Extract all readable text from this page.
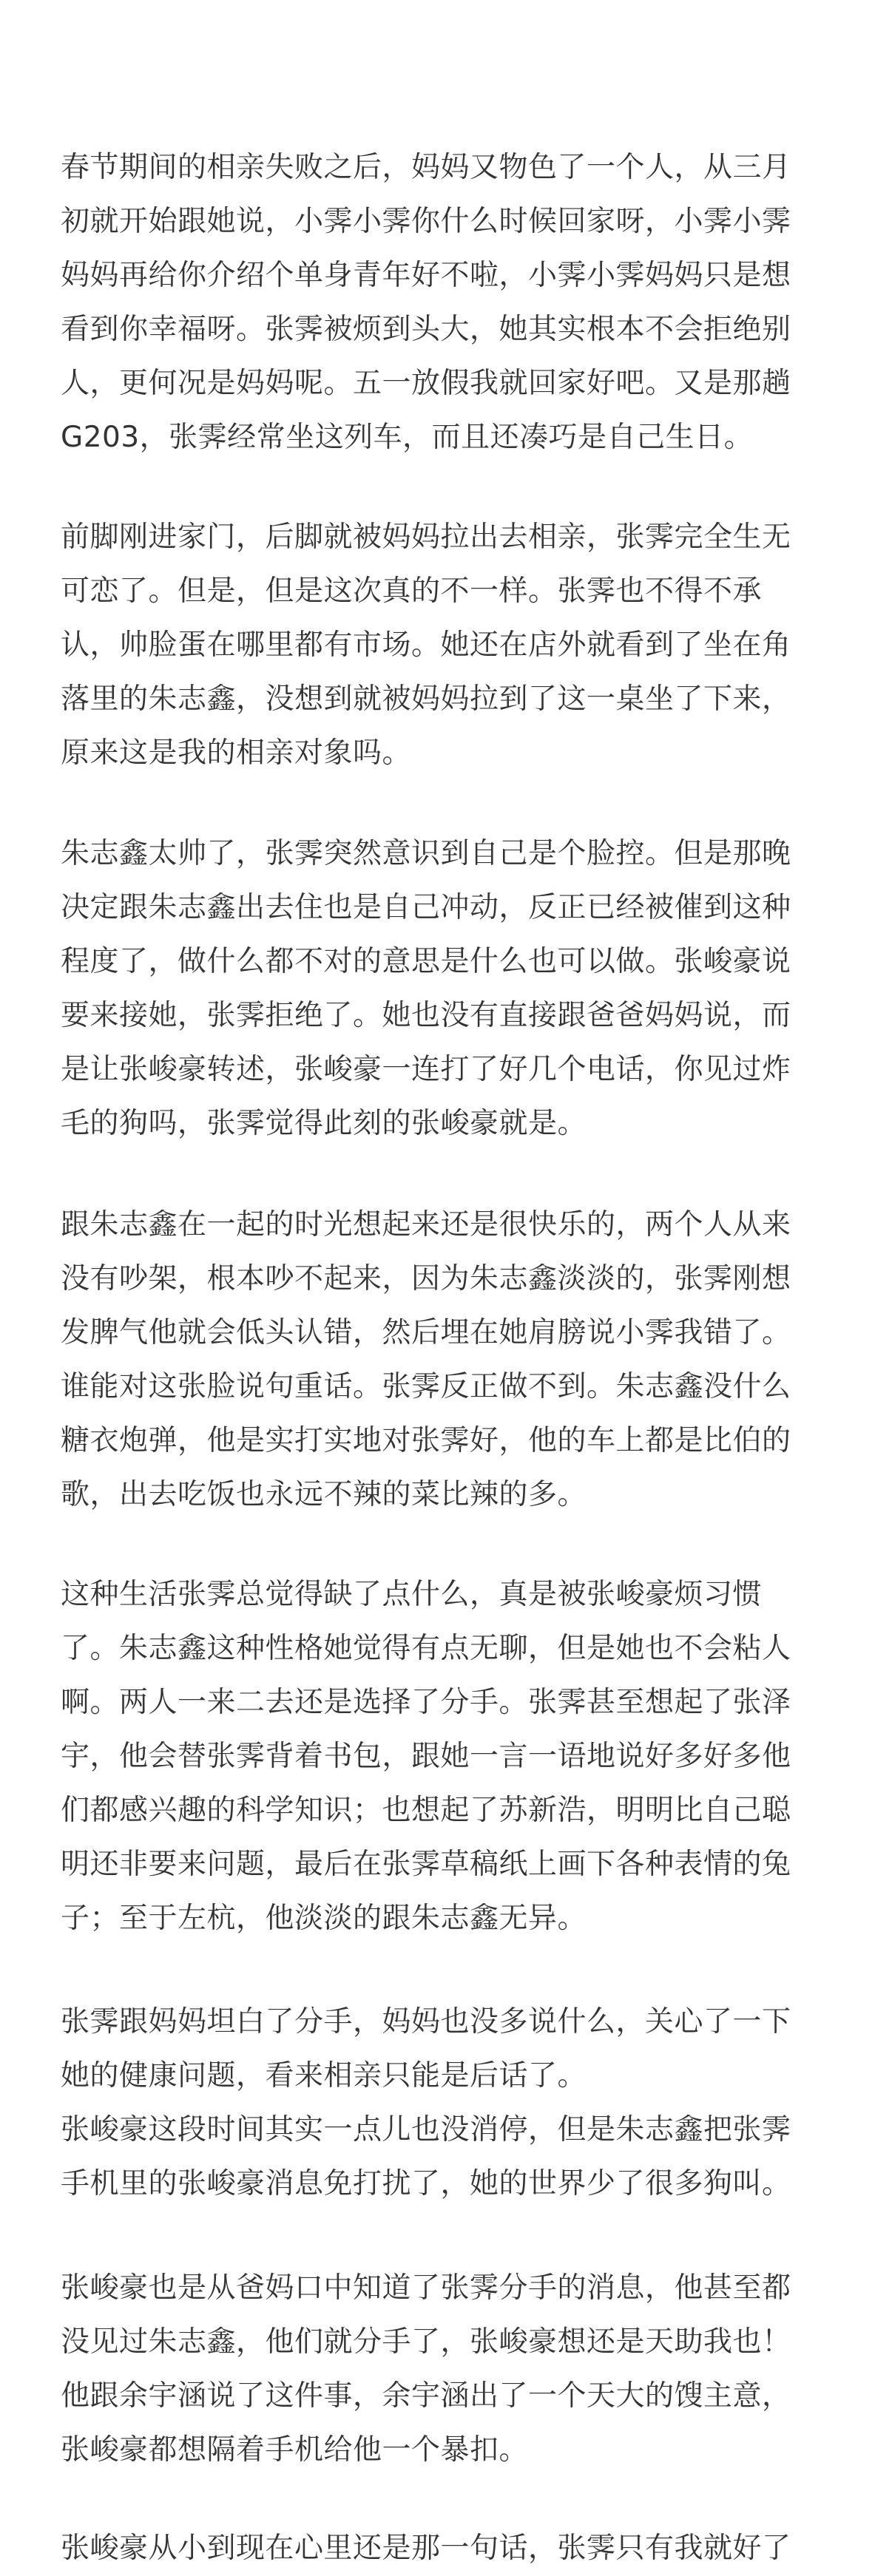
春节期间的相亲失败之后，妈妈又物色了一个人，从三月

初就开始跟她说，小霁小霁你什么时候回家呀，小霁小霁

妈妈再给你介绍个单身青年好不啦，小霁小霁妈妈只是想

看到你幸福呀。张霁被烦到头大，她其实根本不会拒绝别

人，更何况是妈妈呢。五一放假我就回家好吧。又是那趟

G203，张霁经常坐这列车，而且还凑巧是自己生日。

前脚刚进家门，后脚就被妈妈拉出去相亲，张霁完全生无

可恋了。但是，但是这次真的不一样。张霁也不得不承

认，帅脸蛋在哪里都有市场。她还在店外就看到了坐在角

落里的朱志鑫，没想到就被妈妈拉到了这一桌坐了下来，

原来这是我的相亲对象吗。

朱志鑫太帅了，张霁突然意识到自己是个脸控。但是那晚

决定跟朱志鑫出去住也是自己冲动，反正已经被催到这种

程度了，做什么都不对的意思是什么也可以做。张峻豪说

要来接她，张霁拒绝了。她也没有直接跟爸爸妈妈说，而

是让张峻豪转述，张峻豪一连打了好几个电话，你见过炸

毛的狗吗，张霁觉得此刻的张峻豪就是。

跟朱志鑫在一起的时光想起来还是很快乐的，两个人从来

没有吵架，根本吵不起来，因为朱志鑫淡淡的，张霁刚想

发脾气他就会低头认错，然后埋在她肩膀说小霁我错了。

谁能对这张脸说句重话。张霁反正做不到。朱志鑫没什么

糖衣炮弹，他是实打实地对张霁好，他的车上都是比伯的

歌，出去吃饭也永远不辣的菜比辣的多。

这种生活张霁总觉得缺了点什么，真是被张峻豪烦习惯

了。朱志鑫这种性格她觉得有点无聊，但是她也不会粘人

啊。两人一来二去还是选择了分手。张霁甚至想起了张泽

宇，他会替张霁背着书包，跟她一言一语地说好多好多他

们都感兴趣的科学知识；也想起了苏新浩，明明比自己聪

明还非要来问题，最后在张霁草稿纸上画下各种表情的兔

子；至于左杭，他淡淡的跟朱志鑫无异。

张霁跟妈妈坦白了分手，妈妈也没多说什么，关心了一下

她的健康问题，看来相亲只能是后话了。

张峻豪这段时间其实一点儿也没消停，但是朱志鑫把张霁

手机里的张峻豪消息免打扰了，她的世界少了很多狗叫。

张峻豪也是从爸妈口中知道了张霁分手的消息，他甚至都

没见过朱志鑫，他们就分手了，张峻豪想还是天助我也！

他跟余宇涵说了这件事，余宇涵出了一个天大的馊主意，

张峻豪都想隔着手机给他一个暴扣。

张峻豪从小到现在心里还是那一句话，张霁只有我就好了
